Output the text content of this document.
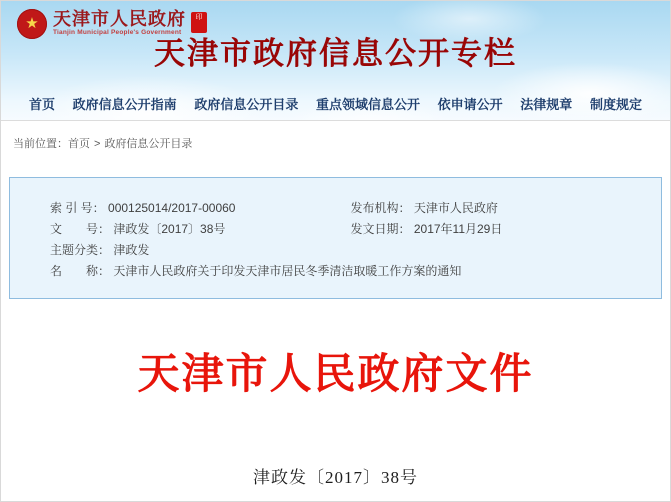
★ 天津市人民政府
Tianjin Municipal People's Government
印
天津市政府信息公开专栏
首页 政府信息公开指南 政府信息公开目录 重点领域信息公开 依申请公开 法律规章 制度规定
当前位置：首页 > 政府信息公开目录
索 引 号： 000125014/2017-00060	发布机构： 天津市人民政府
文　　号： 津政发〔2017〕38号	发文日期： 2017年11月29日
主题分类： 津政发
名　　称： 天津市人民政府关于印发天津市居民冬季清洁取暖工作方案的通知
天津市人民政府文件
津政发〔2017〕38号
